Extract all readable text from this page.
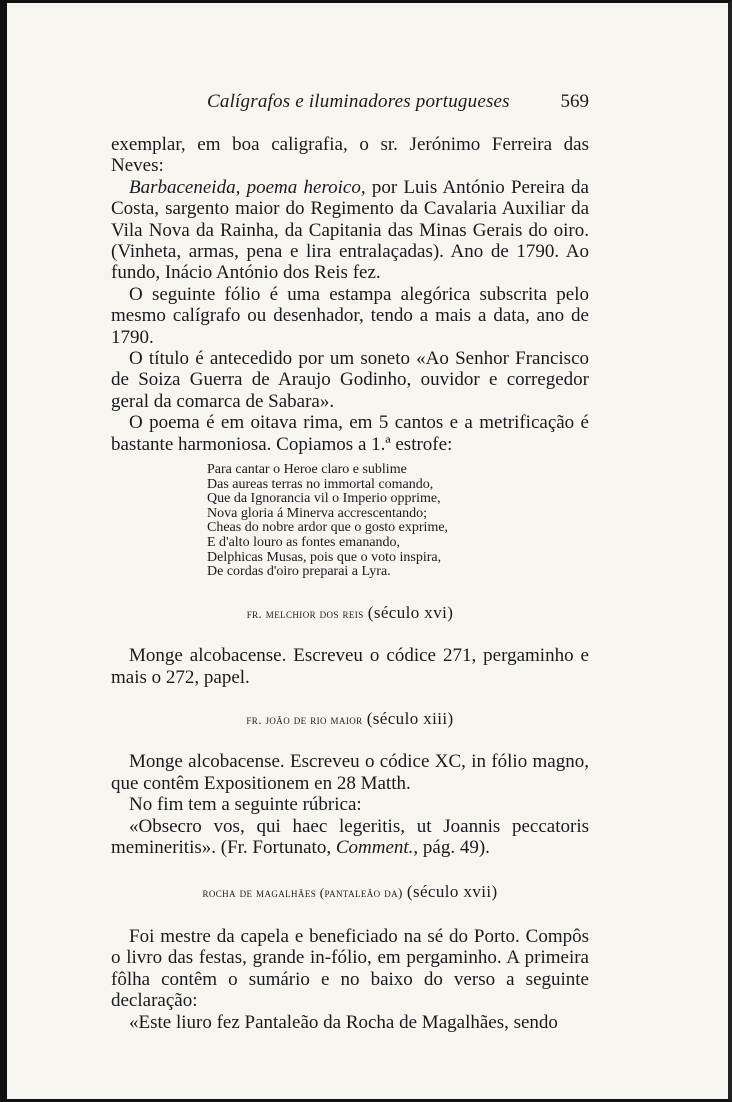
Calígrafos e iluminadores portugueses	569

exemplar, em boa caligrafia, o sr. Jerónimo Ferreira das Neves:

Barbaceneida, poema heroico, por Luis António Pereira da Costa, sargento maior do Regimento da Cavalaria Auxiliar da Vila Nova da Rainha, da Capitania das Minas Gerais do oiro. (Vinheta, armas, pena e lira entralaçadas). Ano de 1790. Ao fundo, Inácio António dos Reis fez.

O seguinte fólio é uma estampa alegórica subscrita pelo mesmo calígrafo ou desenhador, tendo a mais a data, ano de 1790.

O título é antecedido por um soneto «Ao Senhor Francisco de Soiza Guerra de Araujo Godinho, ouvidor e corregedor geral da comarca de Sabara».

O poema é em oitava rima, em 5 cantos e a metrificação é bastante harmoniosa. Copiamos a 1.ª estrofe:

Para cantar o Heroe claro e sublime
Das aureas terras no immortal comando,
Que da Ignorancia vil o Imperio opprime,
Nova gloria á Minerva accrescentando;
Cheas do nobre ardor que o gosto exprime,
E d'alto louro as fontes emanando,
Delphicas Musas, pois que o voto inspira,
De cordas d'oiro preparai a Lyra.
fr. melchior dos reis (século xvi)

Monge alcobacense. Escreveu o códice 271, pergaminho e mais o 272, papel.

fr. joão de rio maior (século xiii)

Monge alcobacense. Escreveu o códice XC, in fólio magno, que contêm Expositionem en 28 Matth.

No fim tem a seguinte rúbrica:

«Obsecro vos, qui haec legeritis, ut Joannis peccatoris memineritis». (Fr. Fortunato, Comment., pág. 49).

rocha de magalhães (pantaleão da) (século xvii)

Foi mestre da capela e beneficiado na sé do Porto. Compôs o livro das festas, grande in-fólio, em pergaminho. A primeira fôlha contêm o sumário e no baixo do verso a seguinte declaração:

«Este liuro fez Pantaleão da Rocha de Magalhães, sendo
